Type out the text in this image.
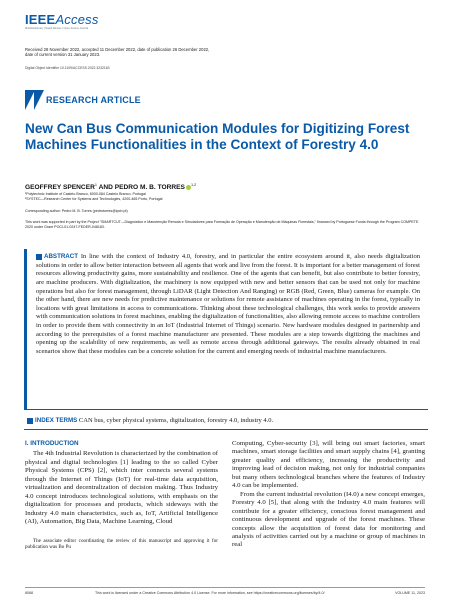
IEEEAccess
Multidisciplinary | Rapid Review | Open Access Journal
Received 28 November 2022, accepted 11 December 2022, date of publication 26 December 2022,
date of current version 31 January 2023.
Digital Object Identifier 10.1109/ACCESS.2022.3232163
RESEARCH ARTICLE
New Can Bus Communication Modules for Digitizing Forest Machines Functionalities in the Context of Forestry 4.0
GEOFFREY SPENCER$^1$ AND PEDRO M. B. TORRES $^{1,2}$
¹Polytechnic Institute of Castelo Branco, 6000-084 Castelo Branco, Portugal
²SYSTEC—Research Center for Systems and Technologies, 4200-465 Porto, Portugal
Corresponding author: Pedro M. B. Torres (pedrotorres@ipcb.pt)
This work was supported in part by the Project "SMARTCUT—Diagnóstico e Manutenção Remota e Simuladores para Formação de Operação e Manutenção de Máquinas Florestais," financed by Portuguese Funds through the Program COMPETE 2020 under Grant POCI-01-0247-FEDER-048183.

ABSTRACT In line with the context of Industry 4.0, forestry, and in particular the entire ecosystem around it, also needs digitalization solutions in order to allow better interaction between all agents that work and live from the forest. It is important for a better management of forest resources allowing productivity gains, more sustainability and resilience. One of the agents that can benefit, but also contribute to better forestry, are machine producers. With digitalization, the machinery is now equipped with new and better sensors that can be used not only for machine operations but also for forest management, through LiDAR (Light Detection And Ranging) or RGB (Red, Green, Blue) cameras for example. On the other hand, there are new needs for predictive maintenance or solutions for remote assistance of machines operating in the forest, typically in locations with great limitations in access to communications. Thinking about these technological challenges, this work seeks to provide answers with communication solutions in forest machines, enabling the digitalization of functionalities, also allowing remote access to machine controllers in order to provide them with connectivity in an IoT (Industrial Internet of Things) scenario. New hardware modules designed in partnership and according to the prerequisites of a forest machine manufacturer are presented. These modules are a step towards digitizing the machines and opening up the scalability of new requirements, as well as remote access through additional gateways. The results already obtained in real scenarios show that these modules can be a concrete solution for the current and emerging needs of industrial machine manufacturers.

INDEX TERMS CAN bus, cyber physical systems, digitalization, forestry 4.0, industry 4.0.
I. INTRODUCTION

The 4th Industrial Revolution is characterized by the combination of physical and digital technologies [1] leading to the so called Cyber Physical Systems (CPS) [2], which inter connects several systems through the Internet of Things (IoT) for real-time data acquisition, virtualization and decentralization of decision making. Thus Industry 4.0 concept introduces technological solutions, with emphasis on the digitalization for processes and products, which sideways with the Industry 4.0 main characteristics, such as, IoT, Artificial Intelligence (AI), Automation, Big Data, Machine Learning, Cloud

The associate editor coordinating the review of this manuscript and approving it for publication was Bo Pu

Computing, Cyber-security [3], will bring out smart factories, smart machines, smart storage facilities and smart supply chains [4], granting greater quality and efficiency, increasing the productivity and improving lead of decision making, not only for industrial companies but many others technological branches where the features of Industry 4.0 can be implemented.

From the current industrial revolution (I4.0) a new concept emerges, Forestry 4.0 [5], that along with the Industry 4.0 main features will contribute for a greater efficiency, conscious forest management and continuous development and upgrade of the forest machines. These concepts allow the acquisition of forest data for monitoring and analysis of activities carried out by a machine or group of machines in real

8068	This work is licensed under a Creative Commons Attribution 4.0 License. For more information, see https://creativecommons.org/licenses/by/4.0/	VOLUME 11, 2023
